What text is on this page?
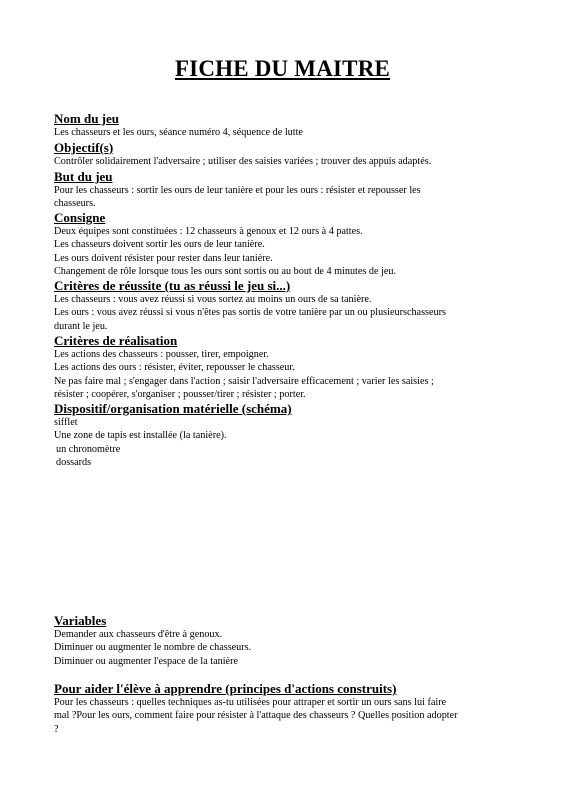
FICHE DU MAITRE
Nom du jeu
Les chasseurs et les ours, séance numéro 4, séquence de lutte
Objectif(s)
Contrôler solidairement l'adversaire ; utiliser des saisies variées ; trouver des appuis adaptés.
But du jeu
Pour les chasseurs : sortir les ours de leur tanière et pour les ours : résister et repousser les
chasseurs.
Consigne
Deux équipes sont constituées : 12 chasseurs à genoux et 12 ours à 4 pattes.
Les chasseurs doivent sortir les ours de leur tanière.
Les ours doivent résister pour rester dans leur tanière.
Changement de rôle lorsque tous les ours sont sortis ou au bout de 4 minutes de jeu.
Critères de réussite (tu as réussi le jeu si...)
Les chasseurs : vous avez réussi si vous sortez au moins un ours de sa tanière.
Les ours : vous avez réussi si vous n'êtes pas sortis de votre tanière par un ou plusieurschasseurs
durant le jeu.
Critères de réalisation
Les actions des chasseurs : pousser, tirer, empoigner.
Les actions des ours : résister, éviter, repousser le chasseur.
Ne pas faire mal ; s'engager dans l'action ; saisir l'adversaire efficacement ; varier les saisies ;
résister ; coopérer, s'organiser ; pousser/tirer ; résister ; porter.
Dispositif/organisation matérielle (schéma)
sifflet
Une zone de tapis est installée (la tanière).
un chronomètre
dossards
Variables
Demander aux chasseurs d'être à genoux.
Diminuer ou augmenter le nombre de chasseurs.
Diminuer ou augmenter l'espace de la tanière
Pour aider l'élève à apprendre (principes d'actions construits)
Pour les chasseurs : quelles techniques as-tu utilisées pour attraper et sortir un ours sans lui faire
mal ?Pour les ours, comment faire pour résister à l'attaque des chasseurs ? Quelles position adopter
?
